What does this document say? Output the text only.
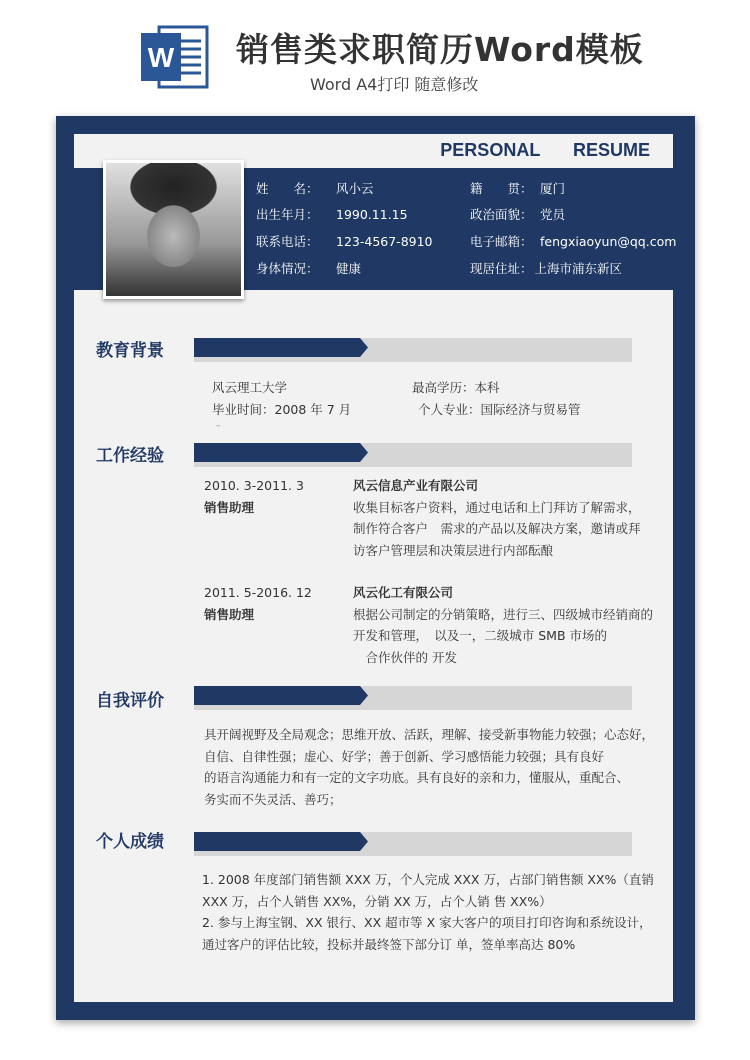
W 销售类求职简历Word模板
Word A4打印 随意修改
PERSONAL RESUME
姓　　名： 风小云	籍　　贯： 厦门
出生年月： 1990.11.15	政治面貌： 党员
联系电话： 123-4567-8910	电子邮箱： fengxiaoyun@qq.com
身体情况： 健康	现居住址： 上海市浦东新区
教育背景
风云理工大学	最高学历：本科
毕业时间：2008 年 7 月	个人专业：国际经济与贸易管
–
工作经验
2010. 3-2011. 3
销售助理
风云信息产业有限公司
收集目标客户资料，通过电话和上门拜访了解需求，
制作符合客户　需求的产品以及解决方案，邀请或拜
访客户管理层和决策层进行内部酝酿
2011. 5-2016. 12
销售助理
风云化工有限公司
根据公司制定的分销策略，进行三、四级城市经销商的
开发和管理，　以及一，二级城市 SMB 市场的
　合作伙伴的 开发
自我评价
具开阔视野及全局观念；思维开放、活跃，理解、接受新事物能力较强；心态好，
自信、自律性强；虚心、好学；善于创新、学习感悟能力较强；具有良好
的语言沟通能力和有一定的文字功底。具有良好的亲和力，懂服从，重配合、
务实而不失灵活、善巧；
个人成绩
1. 2008 年度部门销售额 XXX 万，个人完成 XXX 万，占部门销售额 XX%（直销
XXX 万，占个人销售 XX%，分销 XX 万，占个人销 售 XX%）
2. 参与上海宝钢、XX 银行、XX 超市等 X 家大客户的项目打印咨询和系统设计，
通过客户的评估比较，投标并最终签下部分订 单，签单率高达 80%
